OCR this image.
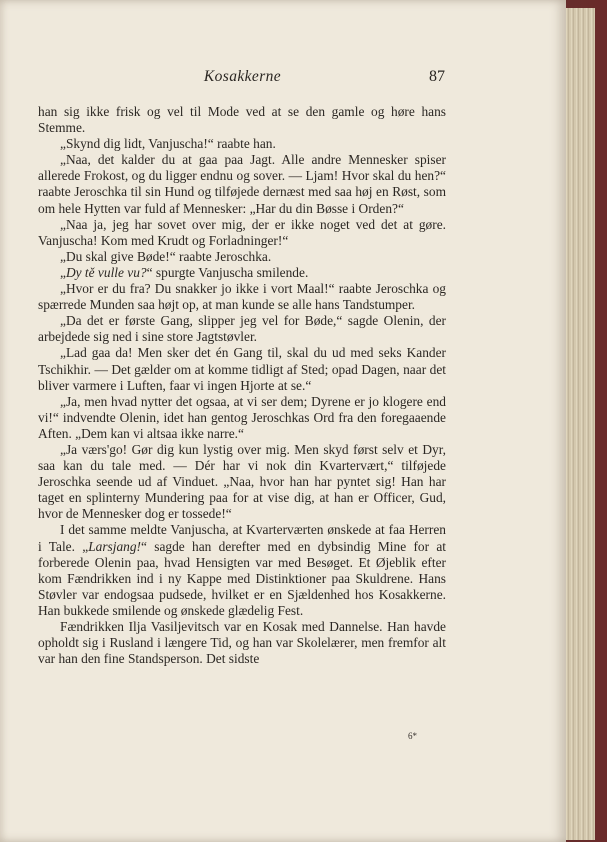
Kosakkerne	87

han sig ikke frisk og vel til Mode ved at se den gamle og høre hans Stemme.

„Skynd dig lidt, Vanjuscha!“ raabte han.

„Naa, det kalder du at gaa paa Jagt. Alle andre Mennesker spiser allerede Frokost, og du ligger endnu og sover. — Ljam! Hvor skal du hen?“ raabte Jeroschka til sin Hund og tilføjede dernæst med saa høj en Røst, som om hele Hytten var fuld af Mennesker: „Har du din Bøsse i Orden?“

„Naa ja, jeg har sovet over mig, der er ikke noget ved det at gøre. Vanjuscha! Kom med Krudt og Forladninger!“

„Du skal give Bøde!“ raabte Jeroschka.

„Dy tě vulle vu?“ spurgte Vanjuscha smilende.

„Hvor er du fra? Du snakker jo ikke i vort Maal!“ raabte Jeroschka og spærrede Munden saa højt op, at man kunde se alle hans Tandstumper.

„Da det er første Gang, slipper jeg vel for Bøde,“ sagde Olenin, der arbejdede sig ned i sine store Jagtstøvler.

„Lad gaa da! Men sker det én Gang til, skal du ud med seks Kander Tschikhir. — Det gælder om at komme tidligt af Sted; opad Dagen, naar det bliver varmere i Luften, faar vi ingen Hjorte at se.“

„Ja, men hvad nytter det ogsaa, at vi ser dem; Dyrene er jo klogere end vi!“ indvendte Olenin, idet han gentog Jeroschkas Ord fra den foregaaende Aften. „Dem kan vi altsaa ikke narre.“

„Ja værs'go! Gør dig kun lystig over mig. Men skyd først selv et Dyr, saa kan du tale med. — Dér har vi nok din Kvartervært,“ tilføjede Jeroschka seende ud af Vinduet. „Naa, hvor han har pyntet sig! Han har taget en splinterny Mundering paa for at vise dig, at han er Officer, Gud, hvor de Mennesker dog er tossede!“

I det samme meldte Vanjuscha, at Kvarterværten ønskede at faa Herren i Tale. „Larsjang!“ sagde han derefter med en dybsindig Mine for at forberede Olenin paa, hvad Hensigten var med Besøget. Et Øjeblik efter kom Fændrikken ind i ny Kappe med Distinktioner paa Skuldrene. Hans Støvler var endogsaa pudsede, hvilket er en Sjældenhed hos Kosakkerne. Han bukkede smilende og ønskede glædelig Fest.

Fændrikken Ilja Vasiljevitsch var en Kosak med Dannelse. Han havde opholdt sig i Rusland i længere Tid, og han var Skolelærer, men fremfor alt var han den fine Standsperson. Det sidste

6*
